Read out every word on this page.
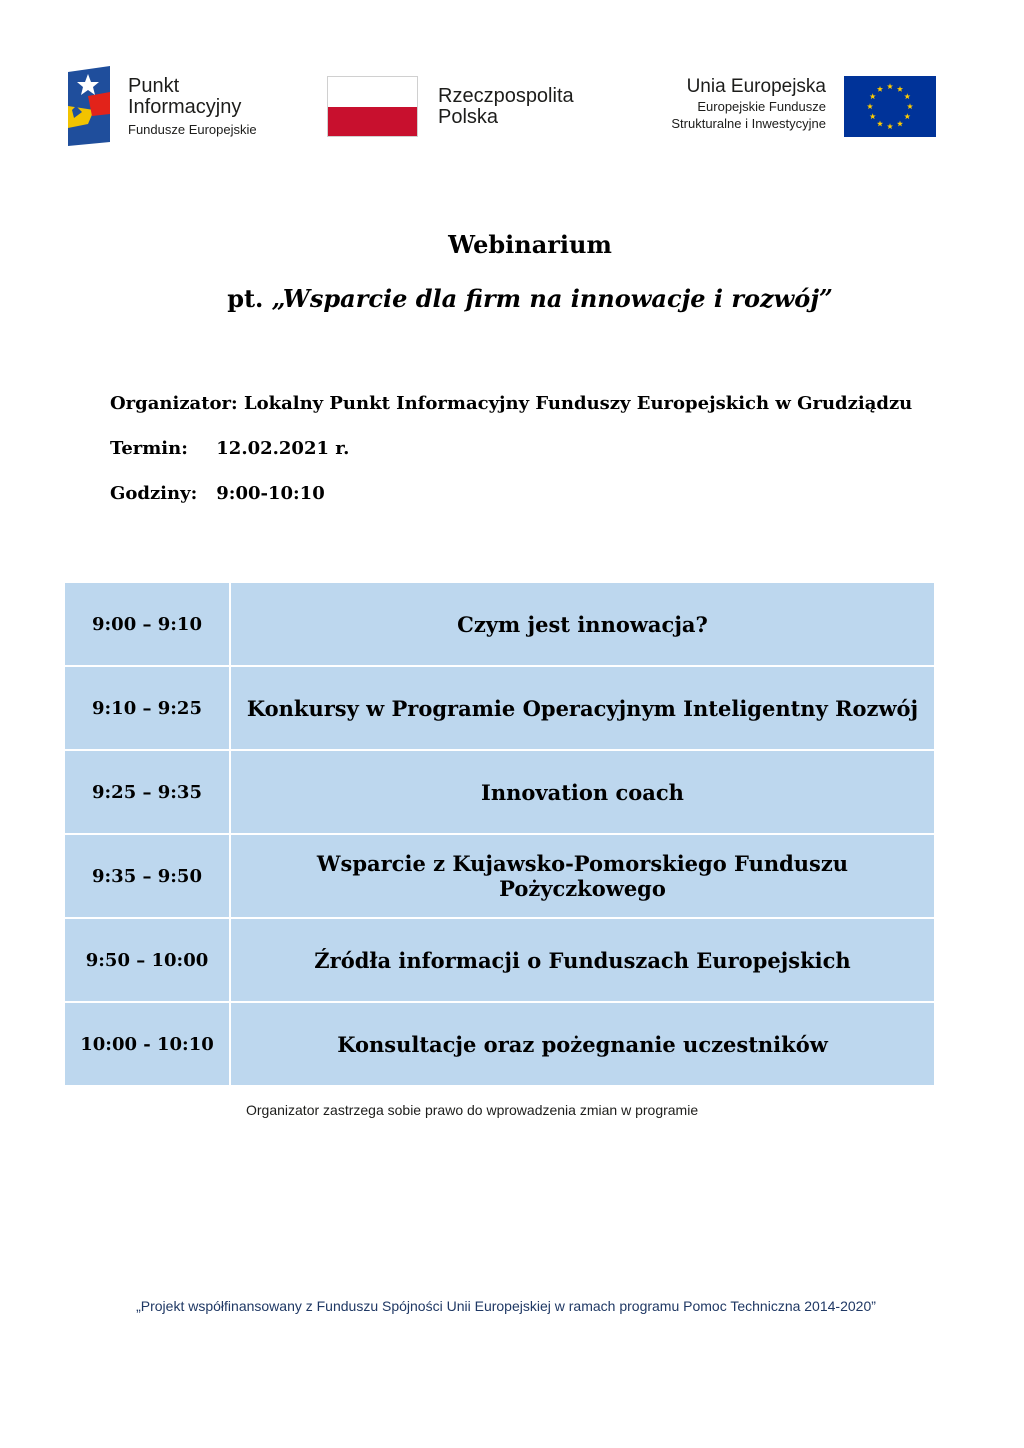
Punkt
Informacyjny
Fundusze Europejskie
Rzeczpospolita
Polska
Unia Europejska
Europejskie Fundusze
Strukturalne i Inwestycyjne
Webinarium
pt. „Wsparcie dla firm na innowacje i rozwój”
Organizator: Lokalny Punkt Informacyjny Funduszy Europejskich w Grudziądzu
Termin: 12.02.2021 r.
Godziny: 9:00-10:10
9:00 – 9:10	Czym jest innowacja?
9:10 – 9:25	Konkursy w Programie Operacyjnym Inteligentny Rozwój
9:25 – 9:35	Innovation coach
9:35 – 9:50	Wsparcie z Kujawsko-Pomorskiego Funduszu Pożyczkowego
9:50 – 10:00	Źródła informacji o Funduszach Europejskich
10:00 - 10:10	Konsultacje oraz pożegnanie uczestników
Organizator zastrzega sobie prawo do wprowadzenia zmian w programie
„Projekt współfinansowany z Funduszu Spójności Unii Europejskiej w ramach programu Pomoc Techniczna 2014-2020”
